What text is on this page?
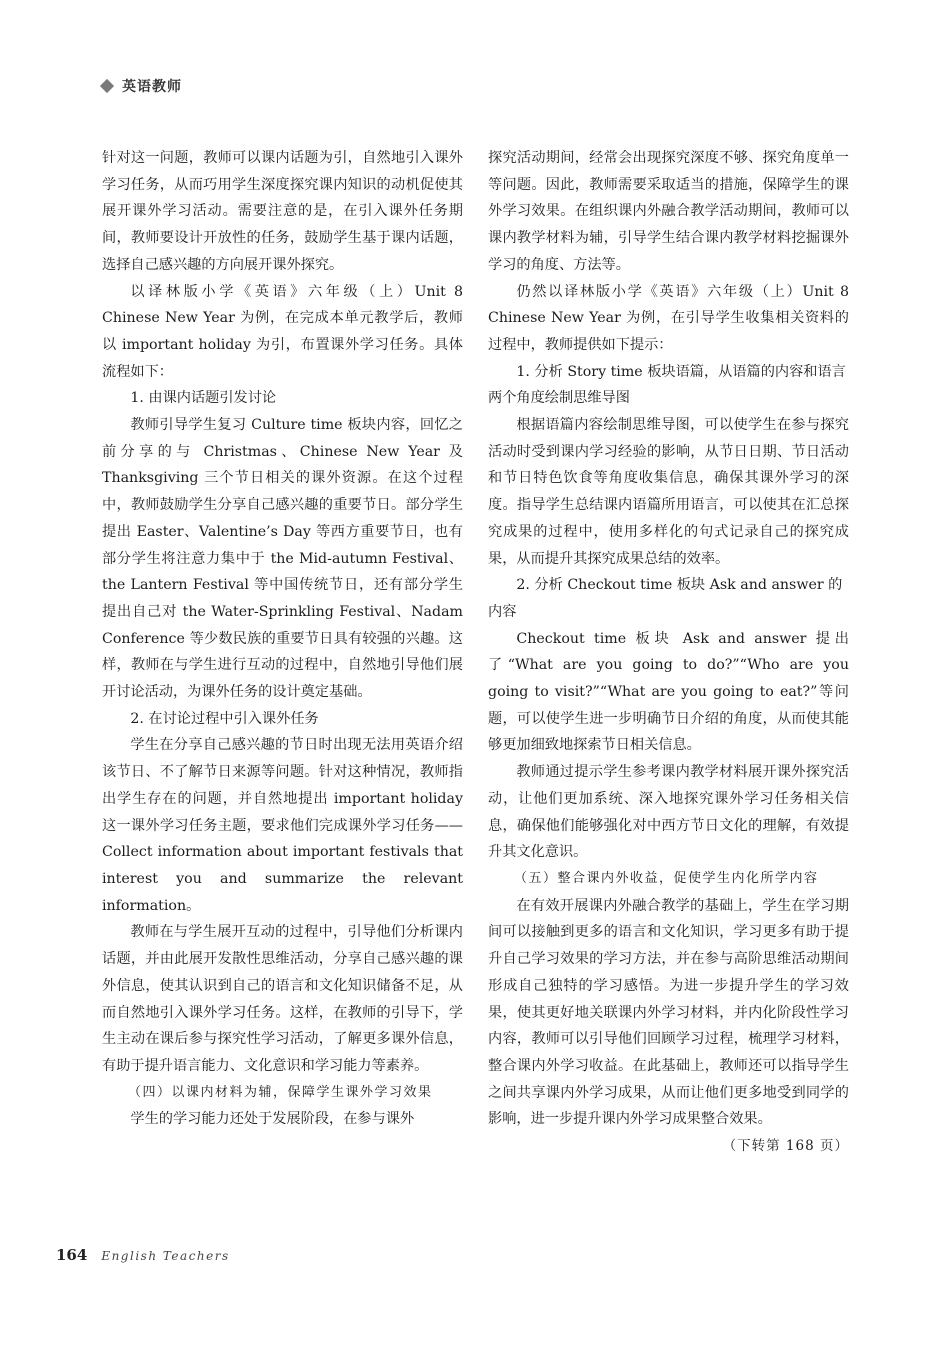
英语教师

针对这一问题，教师可以课内话题为引，自然地引入课外学习任务，从而巧用学生深度探究课内知识的动机促使其展开课外学习活动。需要注意的是，在引入课外任务期间，教师要设计开放性的任务，鼓励学生基于课内话题，选择自己感兴趣的方向展开课外探究。

以译林版小学《英语》六年级（上）Unit 8 Chinese New Year 为例，在完成本单元教学后，教师以 important holiday 为引，布置课外学习任务。具体流程如下：

1. 由课内话题引发讨论

教师引导学生复习 Culture time 板块内容，回忆之前分享的与 Christmas、Chinese New Year 及 Thanksgiving 三个节日相关的课外资源。在这个过程中，教师鼓励学生分享自己感兴趣的重要节日。部分学生提出 Easter、Valentine’s Day 等西方重要节日，也有部分学生将注意力集中于 the Mid-autumn Festival、the Lantern Festival 等中国传统节日，还有部分学生提出自己对 the Water-Sprinkling Festival、Nadam Conference 等少数民族的重要节日具有较强的兴趣。这样，教师在与学生进行互动的过程中，自然地引导他们展开讨论活动，为课外任务的设计奠定基础。

2. 在讨论过程中引入课外任务

学生在分享自己感兴趣的节日时出现无法用英语介绍该节日、不了解节日来源等问题。针对这种情况，教师指出学生存在的问题，并自然地提出 important holiday 这一课外学习任务主题，要求他们完成课外学习任务——Collect information about important festivals that interest you and summarize the relevant information。

教师在与学生展开互动的过程中，引导他们分析课内话题，并由此展开发散性思维活动，分享自己感兴趣的课外信息，使其认识到自己的语言和文化知识储备不足，从而自然地引入课外学习任务。这样，在教师的引导下，学生主动在课后参与探究性学习活动，了解更多课外信息，有助于提升语言能力、文化意识和学习能力等素养。

（四）以课内材料为辅，保障学生课外学习效果

学生的学习能力还处于发展阶段，在参与课外

探究活动期间，经常会出现探究深度不够、探究角度单一等问题。因此，教师需要采取适当的措施，保障学生的课外学习效果。在组织课内外融合教学活动期间，教师可以课内教学材料为辅，引导学生结合课内教学材料挖掘课外学习的角度、方法等。

仍然以译林版小学《英语》六年级（上）Unit 8 Chinese New Year 为例，在引导学生收集相关资料的过程中，教师提供如下提示：

1. 分析 Story time 板块语篇，从语篇的内容和语言两个角度绘制思维导图

根据语篇内容绘制思维导图，可以使学生在参与探究活动时受到课内学习经验的影响，从节日日期、节日活动和节日特色饮食等角度收集信息，确保其课外学习的深度。指导学生总结课内语篇所用语言，可以使其在汇总探究成果的过程中，使用多样化的句式记录自己的探究成果，从而提升其探究成果总结的效率。

2. 分析 Checkout time 板块 Ask and answer 的内容

Checkout time 板块 Ask and answer 提出了“What are you going to do?”“Who are you going to visit?”“What are you going to eat?”等问题，可以使学生进一步明确节日介绍的角度，从而使其能够更加细致地探索节日相关信息。

教师通过提示学生参考课内教学材料展开课外探究活动，让他们更加系统、深入地探究课外学习任务相关信息，确保他们能够强化对中西方节日文化的理解，有效提升其文化意识。

（五）整合课内外收益，促使学生内化所学内容

在有效开展课内外融合教学的基础上，学生在学习期间可以接触到更多的语言和文化知识，学习更多有助于提升自己学习效果的学习方法，并在参与高阶思维活动期间形成自己独特的学习感悟。为进一步提升学生的学习效果，使其更好地关联课内外学习材料，并内化阶段性学习内容，教师可以引导他们回顾学习过程，梳理学习材料，整合课内外学习收益。在此基础上，教师还可以指导学生之间共享课内外学习成果，从而让他们更多地受到同学的影响，进一步提升课内外学习成果整合效果。

（下转第 168 页）

164 English Teachers
